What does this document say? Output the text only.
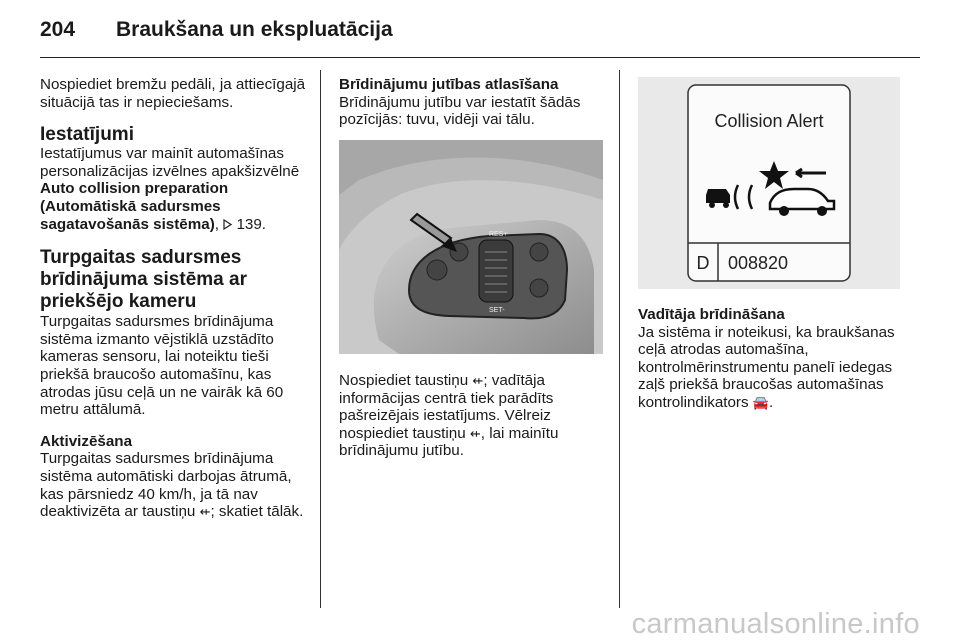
204 Braukšana un ekspluatācija

Nospiediet bremžu pedāli, ja attiecīgajā situācijā tas ir nepieciešams.

Iestatījumi

Iestatījumus var mainīt automašīnas personalizācijas izvēlnes apakšizvēlnē Auto collision preparation (Automātiskā sadursmes sagatavošanās sistēma),  139.

Turpgaitas sadursmes brīdinājuma sistēma ar priekšējo kameru

Turpgaitas sadursmes brīdinājuma sistēma izmanto vējstiklā uzstādīto kameras sensoru, lai noteiktu tieši priekšā braucošo automašīnu, kas atrodas jūsu ceļā un ne vairāk kā 60 metru attālumā.

Aktivizēšana

Turpgaitas sadursmes brīdinājuma sistēma automātiski darbojas ātrumā, kas pārsniedz 40 km/h, ja tā nav deaktivizēta ar taustiņu ⇷; skatiet tālāk.

Brīdinājumu jutības atlasīšana

Brīdinājumu jutību var iestatīt šādās pozīcijās: tuvu, vidēji vai tālu.

RES+
SET-

Nospiediet taustiņu ⇷; vadītāja informācijas centrā tiek parādīts pašreizējais iestatījums. Vēlreiz nospiediet taustiņu ⇷, lai mainītu brīdinājumu jutību.

Collision Alert
D 008820
Vadītāja brīdināšana

Ja sistēma ir noteikusi, ka braukšanas ceļā atrodas automašīna, kontrolmērinstrumentu panelī iedegas zaļš priekšā braucošas automašīnas kontrolindikators 🚘.

carmanualsonline.info
